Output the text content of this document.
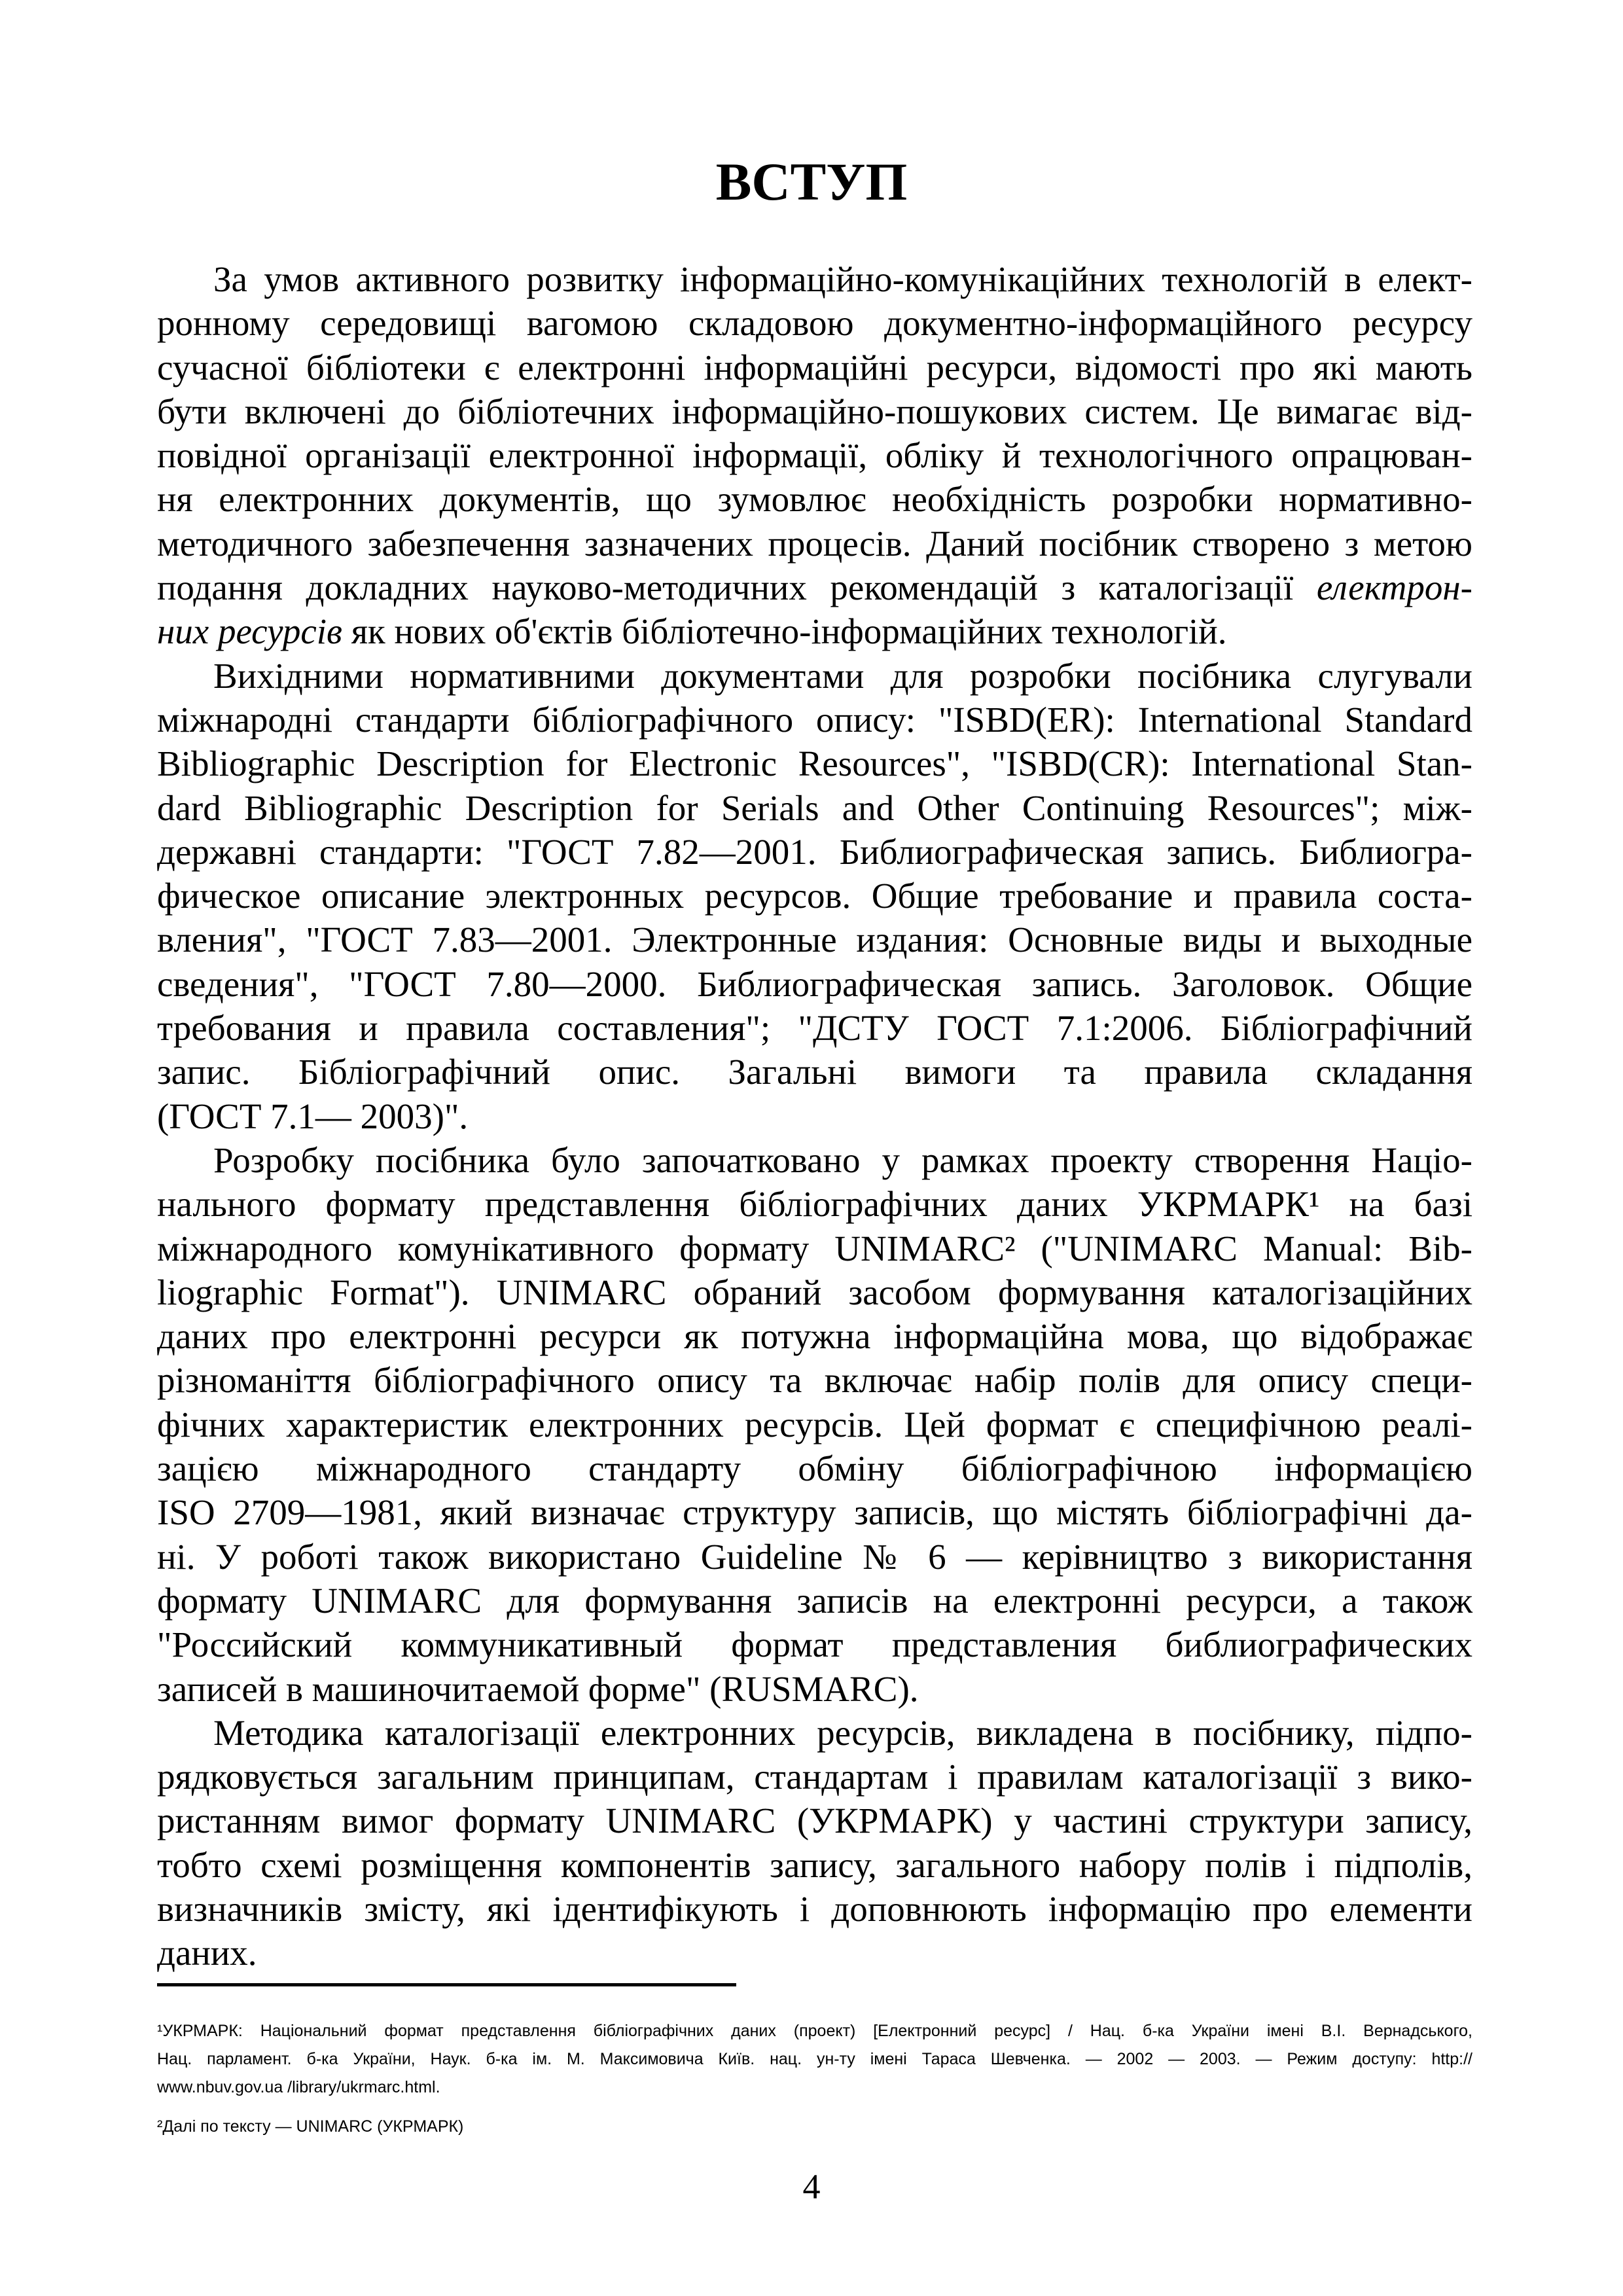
ВСТУП
За умов активного розвитку інформаційно-комунікаційних технологій в елект-
ронному середовищі вагомою складовою документно-інформаційного ресурсу
сучасної бібліотеки є електронні інформаційні ресурси, відомості про які мають
бути включені до бібліотечних інформаційно-пошукових систем. Це вимагає від-
повідної організації електронної інформації, обліку й технологічного опрацюван-
ня електронних документів, що зумовлює необхідність розробки нормативно-
методичного забезпечення зазначених процесів. Даний посібник створено з метою
подання докладних науково-методичних рекомендацій з каталогізації електрон-
них ресурсів як нових об'єктів бібліотечно-інформаційних технологій.
Вихідними нормативними документами для розробки посібника слугували
міжнародні стандарти бібліографічного опису: "ISBD(ER): International Standard
Bibliographic Description for Electronic Resources", "ISBD(CR): International Stan-
dard Bibliographic Description for Serials and Other Continuing Resources"; між-
державні стандарти: "ГОСТ 7.82—2001. Библиографическая запись. Библиогра-
фическое описание электронных ресурсов. Общие требование и правила соста-
вления", "ГОСТ 7.83—2001. Электронные издания: Основные виды и выходные
сведения", "ГОСТ 7.80—2000. Библиографическая запись. Заголовок. Общие
требования и правила составления"; "ДСТУ ГОСТ 7.1:2006. Бібліографічний
запис. Бібліографічний опис. Загальні вимоги та правила складання
(ГОСТ 7.1— 2003)".
Розробку посібника було започатковано у рамках проекту створення Націо-
нального формату представлення бібліографічних даних УКРМАРК¹ на базі
міжнародного комунікативного формату UNIMARC² ("UNIMARC Manual: Bib-
liographic Format"). UNIMARC обраний засобом формування каталогізаційних
даних про електронні ресурси як потужна інформаційна мова, що відображає
різноманіття бібліографічного опису та включає набір полів для опису специ-
фічних характеристик електронних ресурсів. Цей формат є специфічною реалі-
зацією міжнародного стандарту обміну бібліографічною інформацією
ISO 2709—1981, який визначає структуру записів, що містять бібліографічні да-
ні. У роботі також використано Guideline № 6 — керівництво з використання
формату UNIMARC для формування записів на електронні ресурси, а також
"Российский коммуникативный формат представления библиографических
записей в машиночитаемой форме" (RUSMARC).
Методика каталогізації електронних ресурсів, викладена в посібнику, підпо-
рядковується загальним принципам, стандартам і правилам каталогізації з вико-
ристанням вимог формату UNIMARC (УКРМАРК) у частині структури запису,
тобто схемі розміщення компонентів запису, загального набору полів і підполів,
визначників змісту, які ідентифікують і доповнюють інформацію про елементи
даних.
¹УКРМАРК: Національний формат представлення бібліографічних даних (проект) [Електронний ресурс] / Нац. б-ка України імені В.І. Вернадського,
Нац. парламент. б-ка України, Наук. б-ка ім. М. Максимовича Київ. нац. ун-ту імені Тараса Шевченка. — 2002 — 2003. — Режим доступу: http://
www.nbuv.gov.ua /library/ukrmarc.html.
²Далі по тексту — UNIMARC (УКРМАРК)
4
